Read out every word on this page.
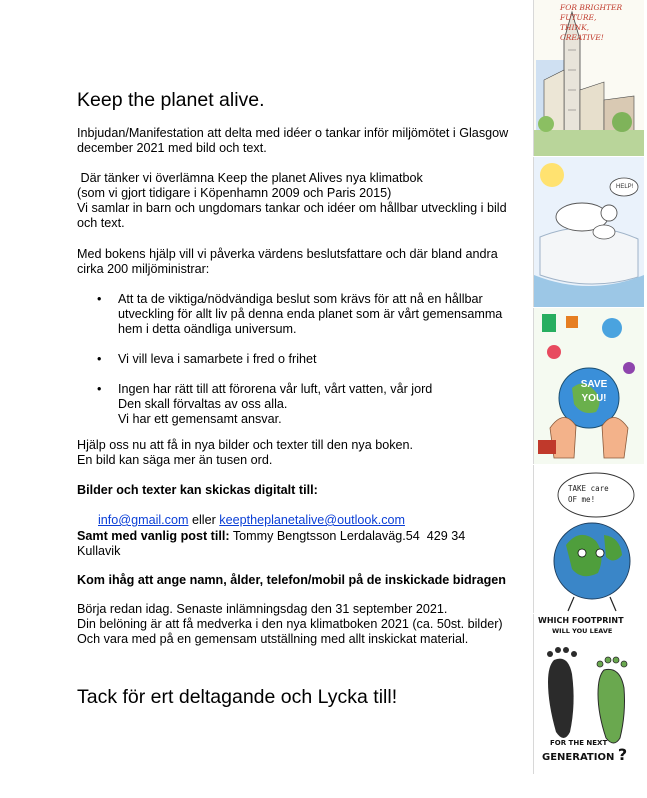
Keep the planet alive.
Inbjudan/Manifestation att delta med idéer o tankar inför miljömötet i Glasgow
december 2021 med bild och text.
Där tänker vi överlämna Keep the planet Alives nya klimatbok
(som vi gjort tidigare i Köpenhamn 2009 och Paris 2015)
Vi samlar in barn och ungdomars tankar och idéer om hållbar utveckling i bild
och text.
Med bokens hjälp vill vi påverka värdens beslutsfattare och där bland andra
cirka 200 miljöministrar:
• Att ta de viktiga/nödvändiga beslut som krävs för att nå en hållbar
utveckling för allt liv på denna enda planet som är vårt gemensamma
hem i detta oändliga universum.
• Vi vill leva i samarbete i fred o frihet
• Ingen har rätt till att förorena vår luft, vårt vatten, vår jord
Den skall förvaltas av oss alla.
Vi har ett gemensamt ansvar.
Hjälp oss nu att få in nya bilder och texter till den nya boken.
En bild kan säga mer än tusen ord.
Bilder och texter kan skickas digitalt till:

info@gmail.com eller keeptheplanetalive@outlook.com

Samt med vanlig post till: Tommy Bengtsson Lerdalaväg.54  429 34
Kullavik
Kom ihåg att ange namn, ålder, telefon/mobil på de inskickade bidragen
Börja redan idag. Senaste inlämningsdag den 31 september 2021.
Din belöning är att få medverka i den nya klimatboken 2021 (ca. 50st. bilder)
Och vara med på en gemensam utställning med allt inskickat material.
Tack för ert deltagande och Lycka till!
FOR BRIGHTER FUTURE,
THINK,
CREATIVE!
HELP!
SAVE
YOU!
TAKE care
OF me!
WHICH FOOTPRINT
WILL YOU LEAVE
FOR THE NEXT
GENERATION ?
